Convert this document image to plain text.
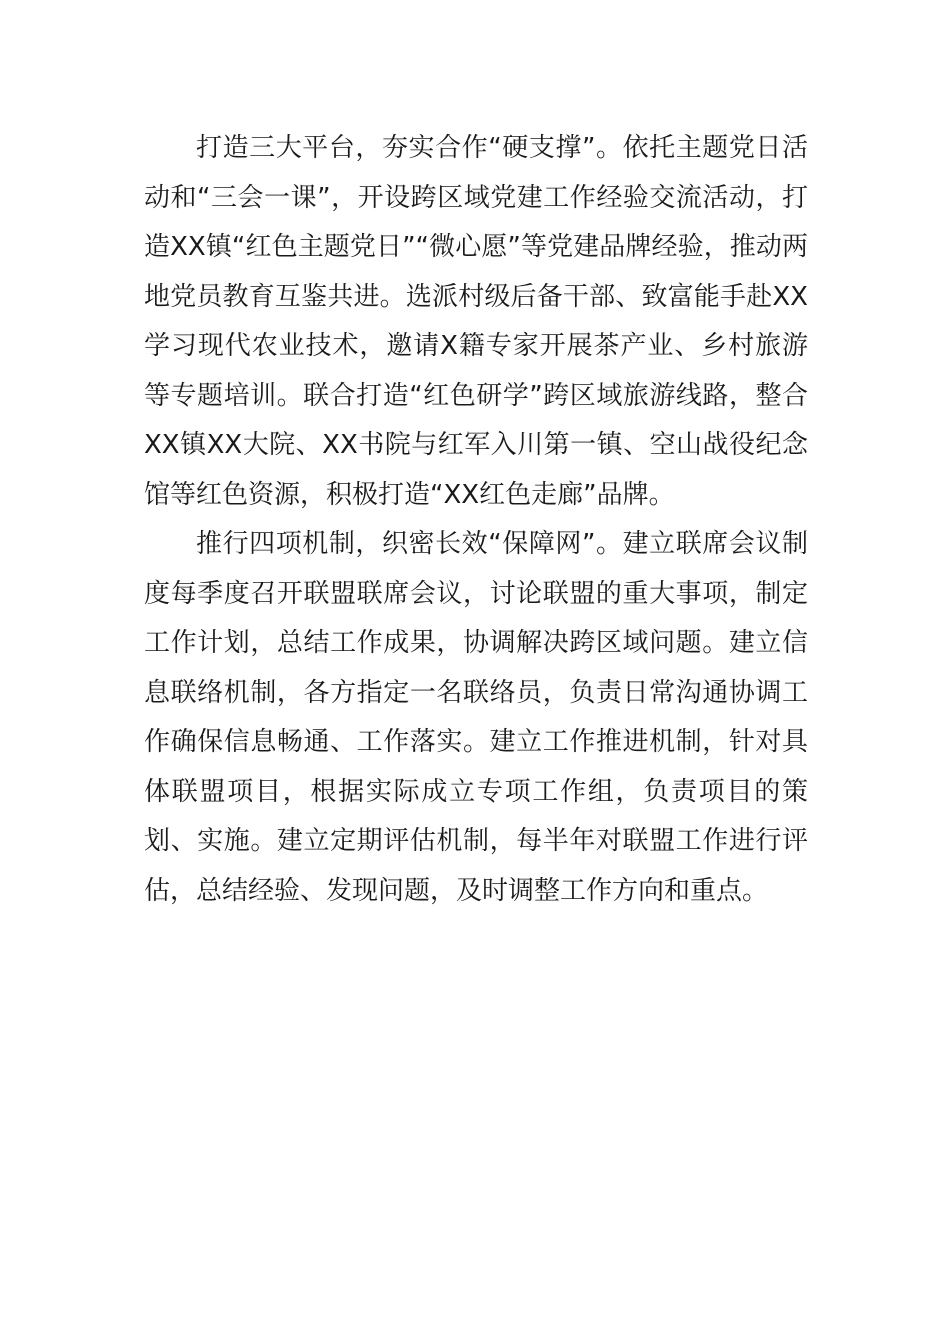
打造三大平台，夯实合作“硬支撑”。依托主题党日活动和“三会一课”，开设跨区域党建工作经验交流活动，打造XX镇“红色主题党日”“微心愿”等党建品牌经验，推动两地党员教育互鉴共进。选派村级后备干部、致富能手赴XX学习现代农业技术，邀请X籍专家开展茶产业、乡村旅游等专题培训。联合打造“红色研学”跨区域旅游线路，整合XX镇XX大院、XX书院与红军入川第一镇、空山战役纪念馆等红色资源，积极打造“XX红色走廊”品牌。

推行四项机制，织密长效“保障网”。建立联席会议制度每季度召开联盟联席会议，讨论联盟的重大事项，制定工作计划，总结工作成果，协调解决跨区域问题。建立信息联络机制，各方指定一名联络员，负责日常沟通协调工作确保信息畅通、工作落实。建立工作推进机制，针对具体联盟项目，根据实际成立专项工作组，负责项目的策划、实施。建立定期评估机制，每半年对联盟工作进行评估，总结经验、发现问题，及时调整工作方向和重点。
